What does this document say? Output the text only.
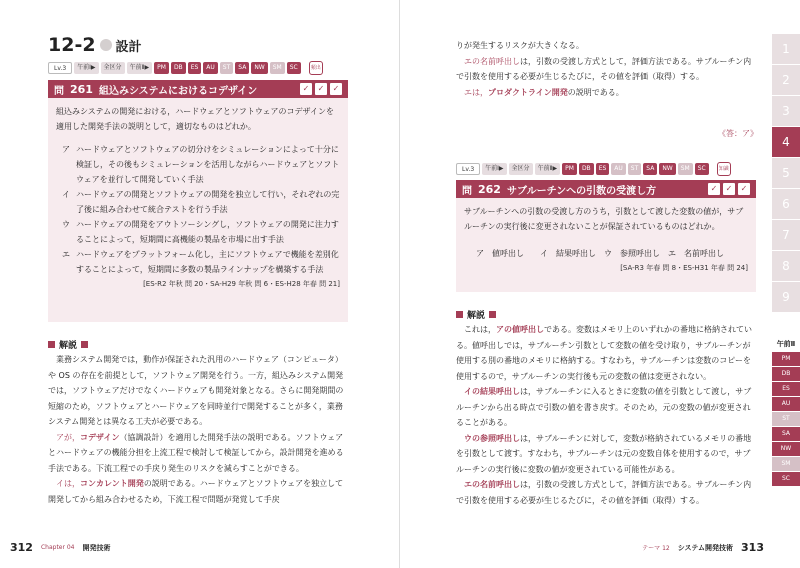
12-2 設計
Lv.3	午前Ⅰ▶	全区分	午前Ⅱ▶	PM	DB	ES	AU	ST	SA	NW	SM	SC	頻出
問 261 組込みシステムにおけるコデザイン	✓	✓	✓
組込みシステムの開発における，ハードウェアとソフトウェアのコデザインを適用した開発手法の説明として，適切なものはどれか。
ア ハードウェアとソフトウェアの切分けをシミュレーションによって十分に検証し，その後もシミュレーションを活用しながらハードウェアとソフトウェアを並行して開発していく手法
イ ハードウェアの開発とソフトウェアの開発を独立して行い，それぞれの完了後に組み合わせて統合テストを行う手法
ウ ハードウェアの開発をアウトソーシングし，ソフトウェアの開発に注力することによって，短期間に高機能の製品を市場に出す手法
エ ハードウェアをプラットフォーム化し，主にソフトウェアで機能を差別化することによって，短期間に多数の製品ラインナップを構築する手法
[ES-R2 年秋 問 20・SA-H29 年秋 問 6・ES-H28 年春 問 21]
解説

業務システム開発では，動作が保証された汎用のハードウェア（コンピュータ）や OS の存在を前提として，ソフトウェア開発を行う。一方，組込みシステム開発では，ソフトウェアだけでなくハードウェアも開発対象となる。さらに開発期間の短縮のため，ソフトウェアとハードウェアを同時並行で開発することが多く，業務システム開発とは異なる工夫が必要である。

アが，コデザイン（協調設計）を適用した開発手法の説明である。ソフトウェアとハードウェアの機能分担を上流工程で検討して検証してから，設計開発を進める手法である。下流工程での手戻り発生のリスクを減らすことができる。

イは，コンカレント開発の説明である。ハードウェアとソフトウェアを独立して開発してから組み合わせるため，下流工程で問題が発覚して手戻

312 Chapter 04 開発技術
りが発生するリスクが大きくなる。

エの名前呼出しは，引数の受渡し方式として，評価方法である。サブルーチン内で引数を使用する必要が生じるたびに，その値を評価（取得）する。

エは，プロダクトライン開発の説明である。

《答：ア》
Lv.3	午前Ⅰ▶	全区分	午前Ⅱ▶	PM	DB	ES	AU	ST	SA	NW	SM	SC	知識
問 262 サブルーチンへの引数の受渡し方	✓	✓	✓
サブルーチンへの引数の受渡し方のうち，引数として渡した変数の値が，サブルーチンの実行後に変更されないことが保証されているものはどれか。
ア　値呼出し　　イ　結果呼出し　ウ　参照呼出し　エ　名前呼出し
[SA-R3 年春 問 8・ES-H31 年春 問 24]
解説

これは，アの値呼出しである。変数はメモリ上のいずれかの番地に格納されている。値呼出しでは，サブルーチン引数として変数の値を受け取り，サブルーチンが使用する別の番地のメモリに格納する。すなわち，サブルーチンは変数のコピーを使用するので，サブルーチンの実行後も元の変数の値は変更されない。

イの結果呼出しは，サブルーチンに入るときに変数の値を引数として渡し，サブルーチンから出る時点で引数の値を書き戻す。そのため，元の変数の値が変更されることがある。

ウの参照呼出しは，サブルーチンに対して，変数が格納されているメモリの番地を引数として渡す。すなわち，サブルーチンは元の変数自体を使用するので，サブルーチンの実行後に変数の値が変更されている可能性がある。

エの名前呼出しは，引数の受渡し方式として，評価方法である。サブルーチン内で引数を使用する必要が生じるたびに，その値を評価（取得）する。

1
2
3
4
5
6
7
8
9
午前Ⅱ
PM
DB
ES
AU
ST
SA
NW
SM
SC
テーマ 12 システム開発技術 313
